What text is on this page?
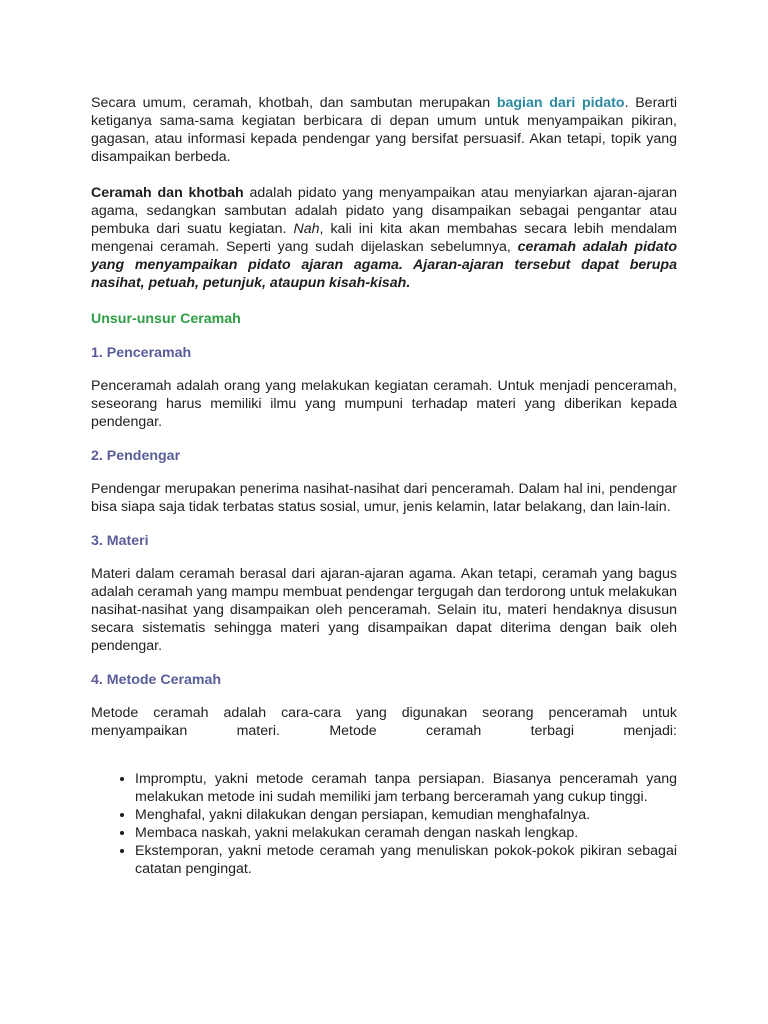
Secara umum, ceramah, khotbah, dan sambutan merupakan bagian dari pidato. Berarti ketiganya sama-sama kegiatan berbicara di depan umum untuk menyampaikan pikiran, gagasan, atau informasi kepada pendengar yang bersifat persuasif. Akan tetapi, topik yang disampaikan berbeda.

Ceramah dan khotbah adalah pidato yang menyampaikan atau menyiarkan ajaran-ajaran agama, sedangkan sambutan adalah pidato yang disampaikan sebagai pengantar atau pembuka dari suatu kegiatan. Nah, kali ini kita akan membahas secara lebih mendalam mengenai ceramah. Seperti yang sudah dijelaskan sebelumnya, ceramah adalah pidato yang menyampaikan pidato ajaran agama. Ajaran-ajaran tersebut dapat berupa nasihat, petuah, petunjuk, ataupun kisah-kisah.

Unsur-unsur Ceramah
1. Penceramah

Penceramah adalah orang yang melakukan kegiatan ceramah. Untuk menjadi penceramah, seseorang harus memiliki ilmu yang mumpuni terhadap materi yang diberikan kepada pendengar.

2. Pendengar

Pendengar merupakan penerima nasihat-nasihat dari penceramah. Dalam hal ini, pendengar bisa siapa saja tidak terbatas status sosial, umur, jenis kelamin, latar belakang, dan lain-lain.

3. Materi

Materi dalam ceramah berasal dari ajaran-ajaran agama. Akan tetapi, ceramah yang bagus adalah ceramah yang mampu membuat pendengar tergugah dan terdorong untuk melakukan nasihat-nasihat yang disampaikan oleh penceramah. Selain itu, materi hendaknya disusun secara sistematis sehingga materi yang disampaikan dapat diterima dengan baik oleh pendengar.

4. Metode Ceramah

Metode ceramah adalah cara-cara yang digunakan seorang penceramah untuk menyampaikan materi. Metode ceramah terbagi menjadi:

• Impromptu, yakni metode ceramah tanpa persiapan. Biasanya penceramah yang melakukan metode ini sudah memiliki jam terbang berceramah yang cukup tinggi.
• Menghafal, yakni dilakukan dengan persiapan, kemudian menghafalnya.
• Membaca naskah, yakni melakukan ceramah dengan naskah lengkap.
• Ekstemporan, yakni metode ceramah yang menuliskan pokok-pokok pikiran sebagai catatan pengingat.
